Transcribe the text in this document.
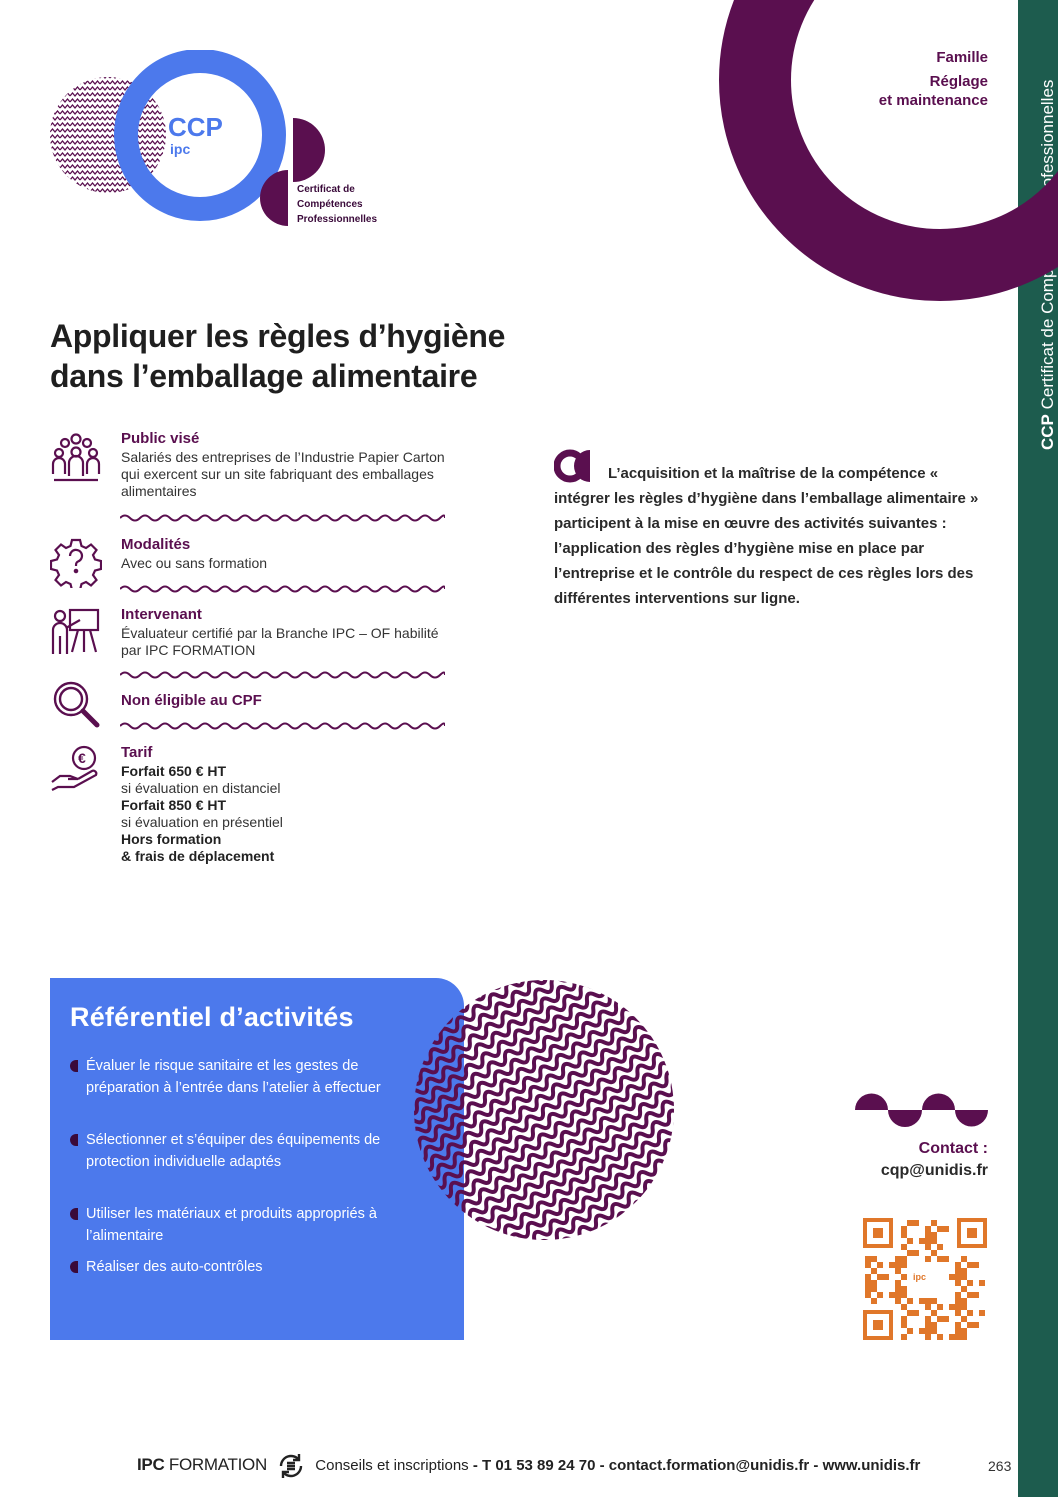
CCP Certificat de Compétences Professionnelles
Famille
Réglage
et maintenance
CCP
ipc
Certificat de
Compétences
Professionnelles
Appliquer les règles d’hygiène
dans l’emballage alimentaire
Public visé
Salariés des entreprises de l’Industrie Papier Carton qui exercent sur un site fabriquant des emballages alimentaires
Modalités
Avec ou sans formation
Intervenant
Évaluateur certifié par la Branche IPC – OF habilité par IPC FORMATION
Non éligible au CPF
€ Tarif
Forfait 650 € HT
si évaluation en distanciel
Forfait 850 € HT
si évaluation en présentiel
Hors formation
& frais de déplacement
L’acquisition et la maîtrise de la compétence « intégrer les règles d’hygiène dans l’emballage alimentaire » participent à la mise en œuvre des activités suivantes : l’application des règles d’hygiène mise en place par l’entreprise et le contrôle du respect de ces règles lors des différentes interventions sur ligne.
Référentiel d’activités
Évaluer le risque sanitaire et les gestes de préparation à l’entrée dans l’atelier à effectuer
Sélectionner et s’équiper des équipements de protection individuelle adaptés
Utiliser les matériaux et produits appropriés à l’alimentaire
Réaliser des auto-contrôles
Contact :
cqp@unidis.fr
ipc
IPC FORMATION	Conseils et inscriptions - T 01 53 89 24 70 - contact.formation@unidis.fr - www.unidis.fr	263
